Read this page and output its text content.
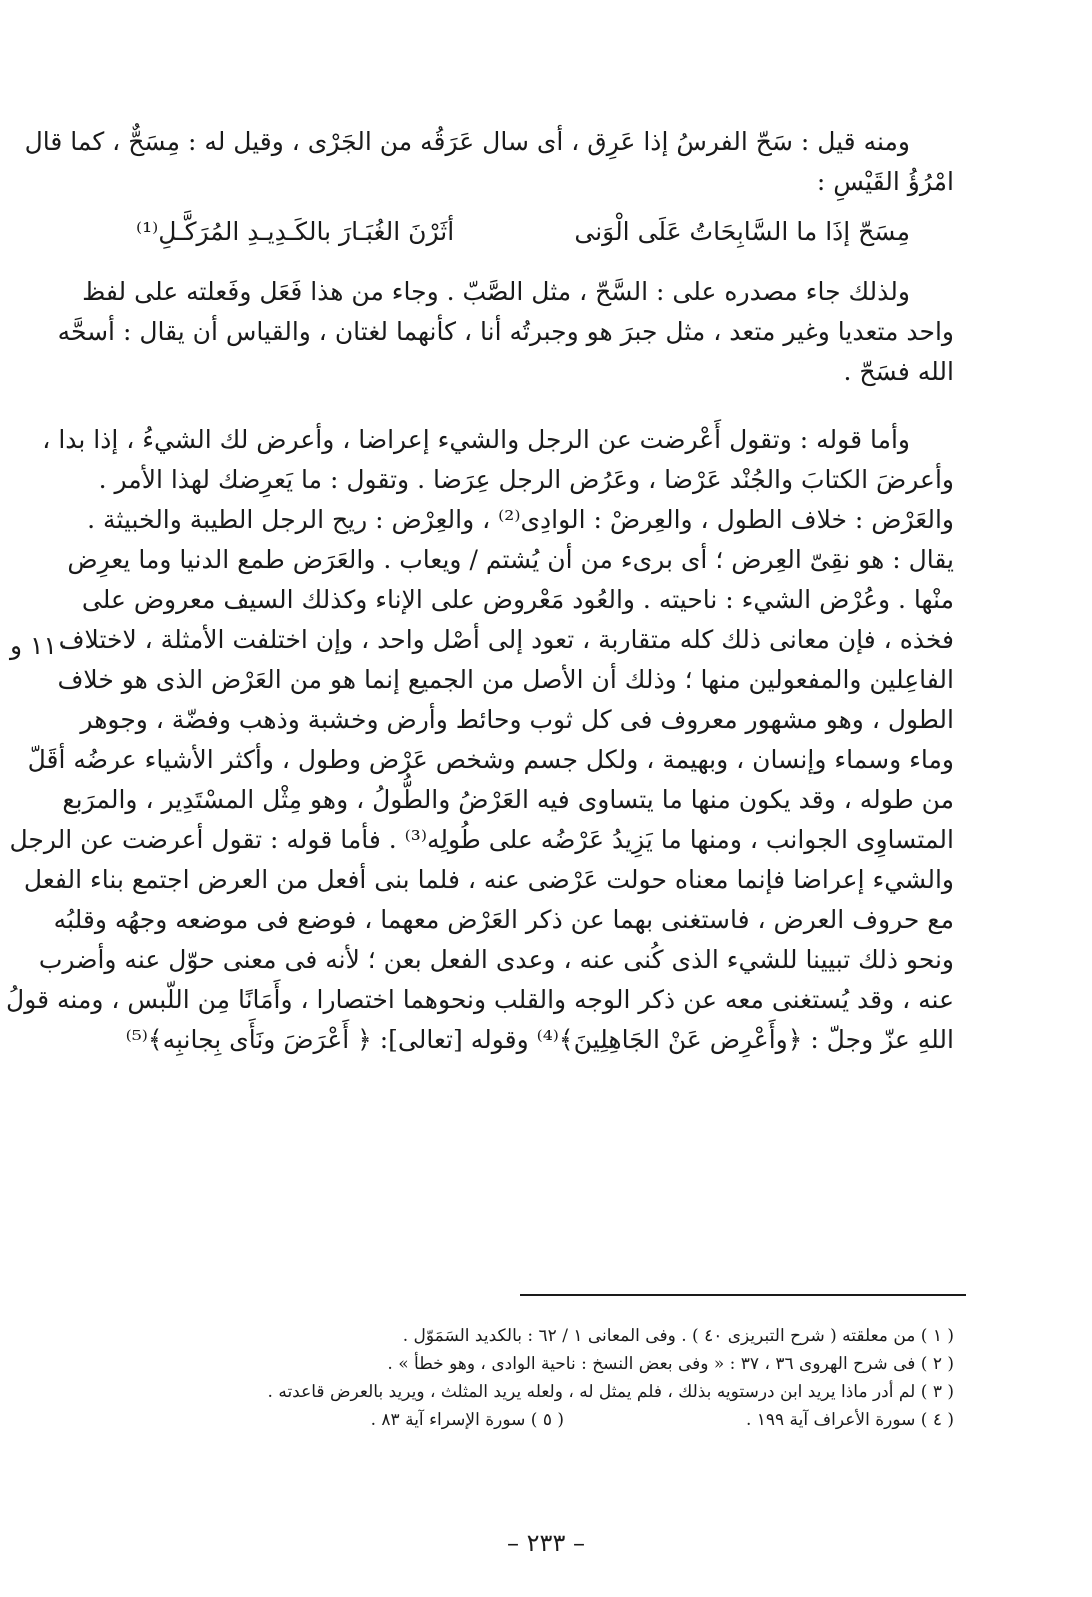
ومنه قيل : سَحّ الفرسُ إذا عَرِق ، أى سال عَرَقُه من الجَرْى ، وقيل له : مِسَحٌّ ، كما قال
امْرُؤُ القَيْسِ :
مِسَحّ إذَا ما السَّابِحَاتُ عَلَى الْوَنى
أثَرْنَ الغُبَـارَ بالكَـدِيـدِ المُرَكَّـلِ⁽¹⁾
ولذلك جاء مصدره على : السَّحّ ، مثل الصَّبّ . وجاء من هذا فَعَل وفَعلته على لفظ
واحد متعديا وغير متعد ، مثل جبرَ هو وجبرتُه أنا ، كأنهما لغتان ، والقياس أن يقال : أسحَّه
الله فسَحّ .
وأما قوله : وتقول أَعْرضت عن الرجل والشيء إعراضا ، وأعرض لك الشيءُ ، إذا بدا ،
وأعرضَ الكتابَ والجُنْد عَرْضا ، وعَرُض الرجل عِرَضا . وتقول : ما يَعرِضك لهذا الأمر .
والعَرْض : خلاف الطول ، والعِرضْ : الوادِى⁽²⁾ ، والعِرْض : ريح الرجل الطيبة والخبيثة .
يقال : هو نقِىّ العِرض ؛ أى برىء من أن يُشتم / ويعاب . والعَرَض طمع الدنيا وما يعرِض
منْها . وعُرْض الشيء : ناحيته . والعُود مَعْروض على الإناء وكذلك السيف معروض على
فخذه ، فإن معانى ذلك كله متقاربة ، تعود إلى أصْل واحد ، وإن اختلفت الأمثلة ، لاختلاف
الفاعِلين والمفعولين منها ؛ وذلك أن الأصل من الجميع إنما هو من العَرْض الذى هو خلاف
الطول ، وهو مشهور معروف فى كل ثوب وحائط وأرض وخشبة وذهب وفضّة ، وجوهر
وماء وسماء وإنسان ، وبهيمة ، ولكل جسم وشخص عَرْض وطول ، وأكثر الأشياء عرضُه أقَلّ
من طوله ، وقد يكون منها ما يتساوى فيه العَرْضُ والطُّولُ ، وهو مِثْل المسْتَدِير ، والمرَبع
المتساوِى الجوانب ، ومنها ما يَزِيدُ عَرْضُه على طُولِه⁽³⁾ . فأما قوله : تقول أعرضت عن الرجل
والشيء إعراضا فإنما معناه حولت عَرْضى عنه ، فلما بنى أفعل من العرض اجتمع بناء الفعل
مع حروف العرض ، فاستغنى بهما عن ذكر العَرْض معهما ، فوضع فى موضعه وجهُه وقلبُه
ونحو ذلك تبيينا للشيء الذى كُنى عنه ، وعدى الفعل بعن ؛ لأنه فى معنى حوّل عنه وأضرب
عنه ، وقد يُستغنى معه عن ذكر الوجه والقلب ونحوهما اختصارا ، وأَمَانًا مِن اللّبس ، ومنه قولُ
اللهِ عزّ وجلّ : ﴿وأَعْرِض عَنْ الجَاهِلِينَ﴾⁽⁴⁾ وقوله [تعالى]: ﴿ أَعْرَضَ ونَأَى بِجانبِه﴾⁽⁵⁾
١١٠ و
( ١ ) من معلقته ( شرح التبريزى ٤٠ ) . وفى المعانى ١ / ٦٢ : بالكديد السَمَوّل .
( ٢ ) فى شرح الهروى ٣٦ ، ٣٧ : « وفى بعض النسخ : ناحية الوادى ، وهو خطأ » .
( ٣ ) لم أدر ماذا يريد ابن درستويه بذلك ، فلم يمثل له ، ولعله يريد المثلث ، ويريد بالعرض قاعدته .
( ٤ ) سورة الأعراف آية ١٩٩ .
( ٥ ) سورة الإسراء آية ٨٣ .
– ٢٣٣ –
